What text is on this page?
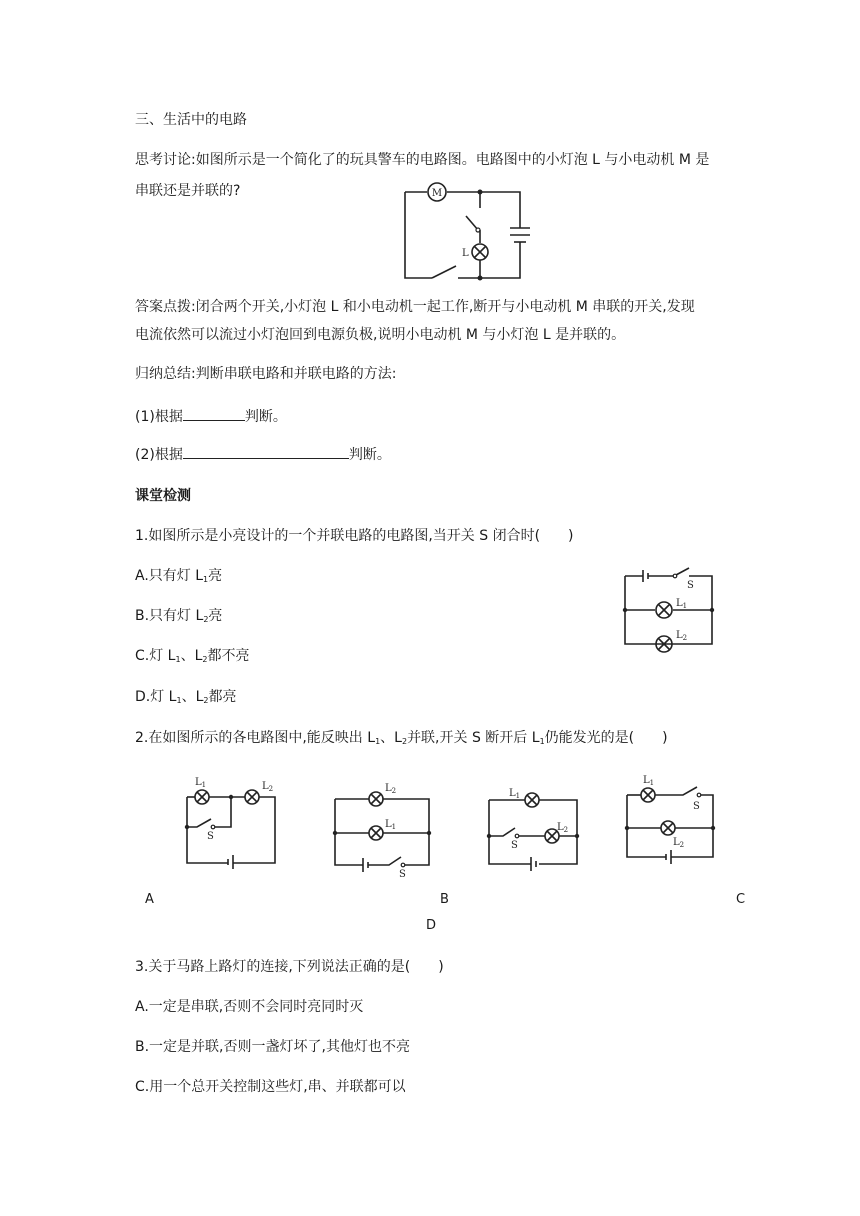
三、生活中的电路
思考讨论:如图所示是一个简化了的玩具警车的电路图。电路图中的小灯泡 L 与小电动机 M 是
串联还是并联的?	M
L
答案点拨:闭合两个开关,小灯泡 L 和小电动机一起工作,断开与小电动机 M 串联的开关,发现
电流依然可以流过小灯泡回到电源负极,说明小电动机 M 与小灯泡 L 是并联的。
归纳总结:判断串联电路和并联电路的方法:
(1)根据	判断。
(2)根据	判断。
课堂检测
1.如图所示是小亮设计的一个并联电路的电路图,当开关 S 闭合时(　　)
A.只有灯 $L_1$亮
B.只有灯 $L_2$亮
C.灯 $L_1$、$L_2$都不亮
D.灯 $L_1$、$L_2$都亮
S
$L_1$
$L_2$
2.在如图所示的各电路图中,能反映出 $L_1$、$L_2$并联,开关 S 断开后 $L_1$仍能发光的是(　　)
$L_1$	$L_2$
S
$L_2$
$L_1$
S
$L_1$
$L_2$
S
$L_1$
$L_2$
S
A	B	C
D
3.关于马路上路灯的连接,下列说法正确的是(　　)
A.一定是串联,否则不会同时亮同时灭
B.一定是并联,否则一盏灯坏了,其他灯也不亮
C.用一个总开关控制这些灯,串、并联都可以
